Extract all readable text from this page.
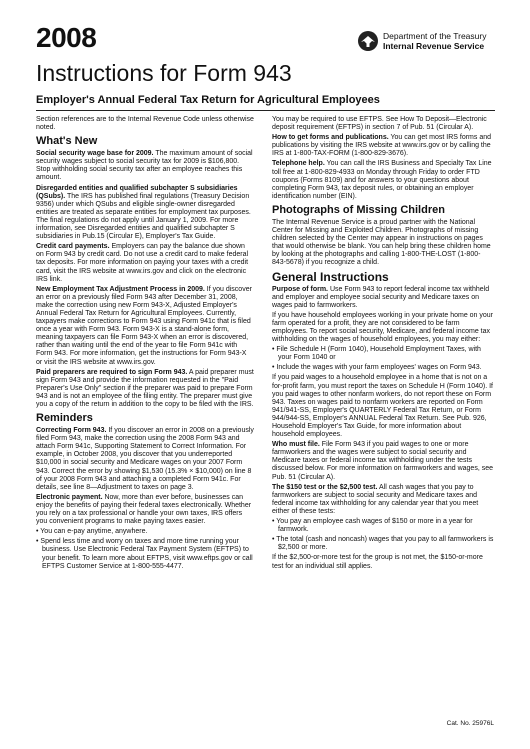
2008	Department of the Treasury
Internal Revenue Service
Instructions for Form 943
Employer's Annual Federal Tax Return for Agricultural Employees

Section references are to the Internal Revenue Code unless otherwise noted.

What's New

Social security wage base for 2009. The maximum amount of social security wages subject to social security tax for 2009 is $106,800. Stop withholding social security tax after an employee reaches this amount.

Disregarded entities and qualified subchapter S subsidiaries (QSubs). The IRS has published final regulations (Treasury Decision 9356) under which QSubs and eligible single-owner disregarded entities are treated as separate entities for employment tax purposes. The final regulations do not apply until January 1, 2009. For more information, see Disregarded entities and qualified subchapter S subsidiaries in Pub.15 (Circular E), Employer's Tax Guide.

Credit card payments. Employers can pay the balance due shown on Form 943 by credit card. Do not use a credit card to make federal tax deposits. For more information on paying your taxes with a credit card, visit the IRS website at www.irs.gov and click on the electronic IRS link.

New Employment Tax Adjustment Process in 2009. If you discover an error on a previously filed Form 943 after December 31, 2008, make the correction using new Form 943-X, Adjusted Employer's Annual Federal Tax Return for Agricultural Employees. Currently, taxpayers make corrections to Form 943 using Form 941c that is filed once a year with Form 943. Form 943-X is a stand-alone form, meaning taxpayers can file Form 943-X when an error is discovered, rather than waiting until the end of the year to file Form 941c with Form 943. For more information, get the instructions for Form 943-X or visit the IRS website at www.irs.gov.

Paid preparers are required to sign Form 943. A paid preparer must sign Form 943 and provide the information requested in the "Paid Preparer's Use Only" section if the preparer was paid to prepare Form 943 and is not an employee of the filing entity. The preparer must give you a copy of the return in addition to the copy to be filed with the IRS.

Reminders

Correcting Form 943. If you discover an error in 2008 on a previously filed Form 943, make the correction using the 2008 Form 943 and attach Form 941c, Supporting Statement to Correct Information. For example, in October 2008, you discover that you underreported $10,000 in social security and Medicare wages on your 2007 Form 943. Correct the error by showing $1,530 (15.3% × $10,000) on line 8 of your 2008 Form 943 and attaching a completed Form 941c. For details, see line 8—Adjustment to taxes on page 3.

Electronic payment. Now, more than ever before, businesses can enjoy the benefits of paying their federal taxes electronically. Whether you rely on a tax professional or handle your own taxes, IRS offers you convenient programs to make paying taxes easier.

• You can e-pay anytime, anywhere.

• Spend less time and worry on taxes and more time running your business. Use Electronic Federal Tax Payment System (EFTPS) to your benefit. To learn more about EFTPS, visit www.eftps.gov or call EFTPS Customer Service at 1-800-555-4477.

You may be required to use EFTPS. See How To Deposit—Electronic deposit requirement (EFTPS) in section 7 of Pub. 51 (Circular A).

How to get forms and publications. You can get most IRS forms and publications by visiting the IRS website at www.irs.gov or by calling the IRS at 1-800-TAX-FORM (1-800-829-3676).

Telephone help. You can call the IRS Business and Specialty Tax Line toll free at 1-800-829-4933 on Monday through Friday to order FTD coupons (Forms 8109) and for answers to your questions about completing Form 943, tax deposit rules, or obtaining an employer identification number (EIN).

Photographs of Missing Children

The Internal Revenue Service is a proud partner with the National Center for Missing and Exploited Children. Photographs of missing children selected by the Center may appear in instructions on pages that would otherwise be blank. You can help bring these children home by looking at the photographs and calling 1-800-THE-LOST (1-800-843-5678) if you recognize a child.

General Instructions

Purpose of form. Use Form 943 to report federal income tax withheld and employer and employee social security and Medicare taxes on wages paid to farmworkers.

If you have household employees working in your private home on your farm operated for a profit, they are not considered to be farm employees. To report social security, Medicare, and federal income tax withholding on the wages of household employees, you may either:

• File Schedule H (Form 1040), Household Employment Taxes, with your Form 1040 or

• Include the wages with your farm employees' wages on Form 943.

If you paid wages to a household employee in a home that is not on a for-profit farm, you must report the taxes on Schedule H (Form 1040). If you paid wages to other nonfarm workers, do not report these on Form 943. Taxes on wages paid to nonfarm workers are reported on Form 941/941-SS, Employer's QUARTERLY Federal Tax Return, or Form 944/944-SS, Employer's ANNUAL Federal Tax Return. See Pub. 926, Household Employer's Tax Guide, for more information about household employees.

Who must file. File Form 943 if you paid wages to one or more farmworkers and the wages were subject to social security and Medicare taxes or federal income tax withholding under the tests discussed below. For more information on farmworkers and wages, see Pub. 51 (Circular A).

The $150 test or the $2,500 test. All cash wages that you pay to farmworkers are subject to social security and Medicare taxes and federal income tax withholding for any calendar year that you meet either of these tests:

• You pay an employee cash wages of $150 or more in a year for farmwork.

• The total (cash and noncash) wages that you pay to all farmworkers is $2,500 or more.

If the $2,500-or-more test for the group is not met, the $150-or-more test for an individual still applies.

Cat. No. 25976L
